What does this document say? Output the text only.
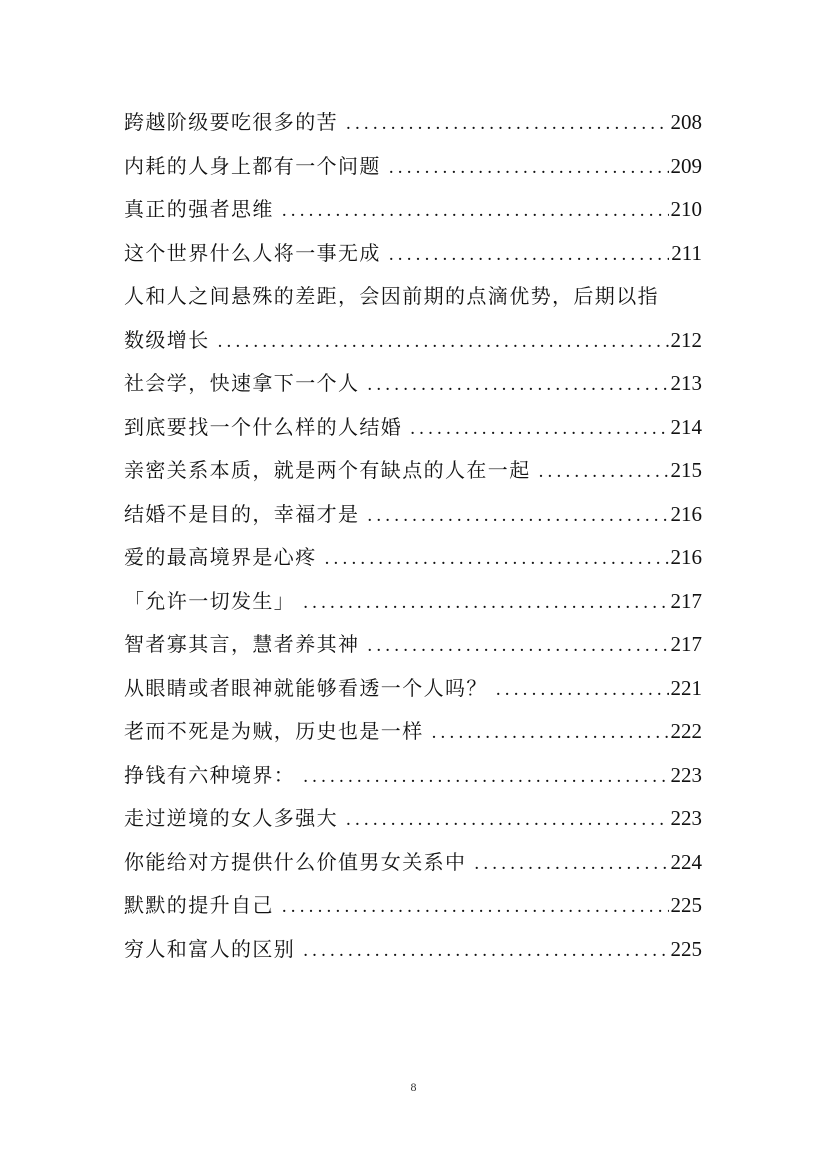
跨越阶级要吃很多的苦 .....	208
内耗的人身上都有一个问题 .....	209
真正的强者思维 .....	210
这个世界什么人将一事无成 .....	211
人和人之间悬殊的差距，会因前期的点滴优势，后期以指
数级增长 .....	212
社会学，快速拿下一个人 .....	213
到底要找一个什么样的人结婚 .....	214
亲密关系本质，就是两个有缺点的人在一起 .....	215
结婚不是目的，幸福才是 .....	216
爱的最高境界是心疼 .....	216
「允许一切发生」 .....	217
智者寡其言，慧者养其神 .....	217
从眼睛或者眼神就能够看透一个人吗？ .....	221
老而不死是为贼，历史也是一样 .....	222
挣钱有六种境界： .....	223
走过逆境的女人多强大 .....	223
你能给对方提供什么价值男女关系中 .....	224
默默的提升自己 .....	225
穷人和富人的区别 .....	225
8
